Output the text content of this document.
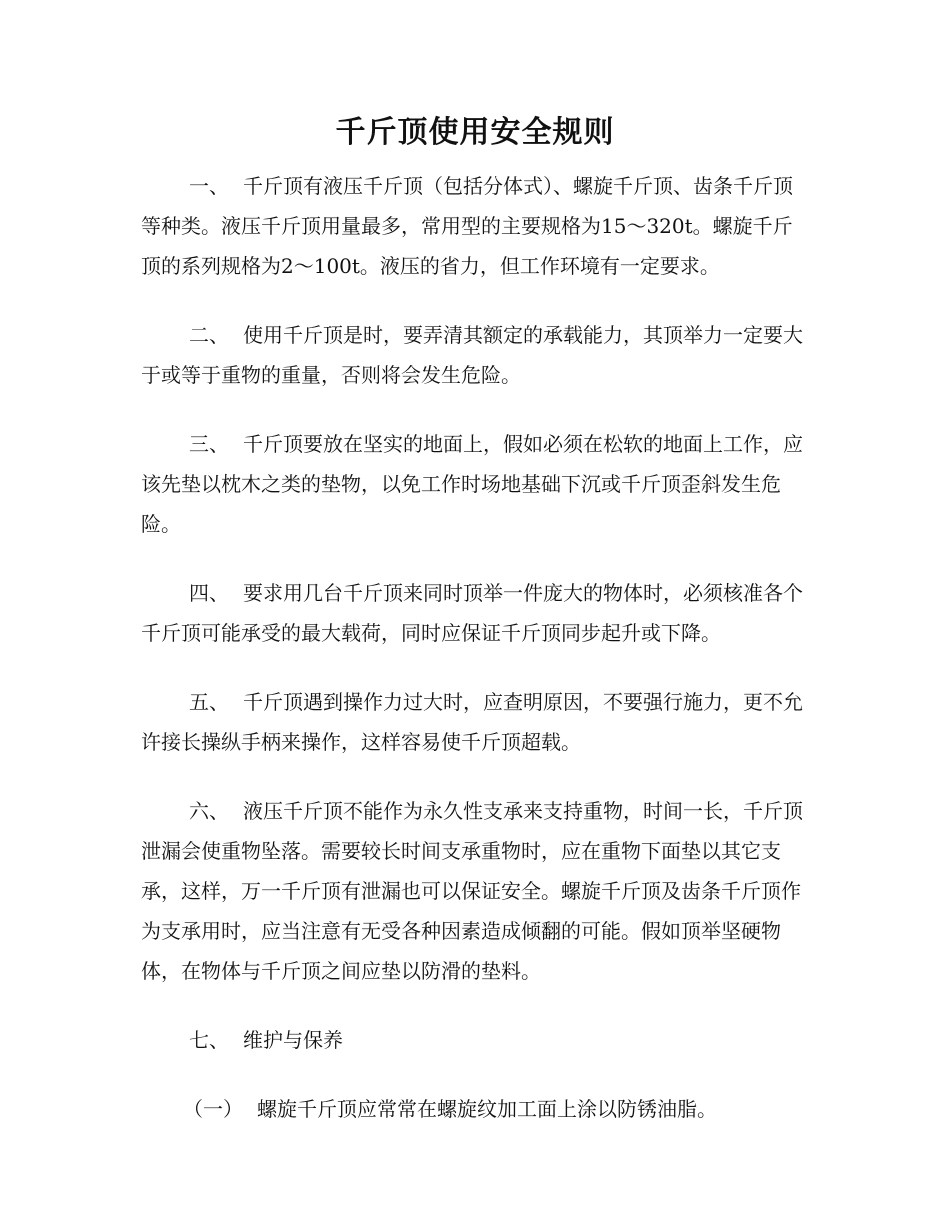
千斤顶使用安全规则

一、 千斤顶有液压千斤顶（包括分体式）、螺旋千斤顶、齿条千斤顶等种类。液压千斤顶用量最多，常用型的主要规格为15～320t。螺旋千斤顶的系列规格为2～100t。液压的省力，但工作环境有一定要求。

二、 使用千斤顶是时，要弄清其额定的承载能力，其顶举力一定要大于或等于重物的重量，否则将会发生危险。

三、 千斤顶要放在坚实的地面上，假如必须在松软的地面上工作，应该先垫以枕木之类的垫物，以免工作时场地基础下沉或千斤顶歪斜发生危险。

四、 要求用几台千斤顶来同时顶举一件庞大的物体时，必须核准各个千斤顶可能承受的最大载荷，同时应保证千斤顶同步起升或下降。

五、 千斤顶遇到操作力过大时，应查明原因，不要强行施力，更不允许接长操纵手柄来操作，这样容易使千斤顶超载。

六、 液压千斤顶不能作为永久性支承来支持重物，时间一长，千斤顶泄漏会使重物坠落。需要较长时间支承重物时，应在重物下面垫以其它支承，这样，万一千斤顶有泄漏也可以保证安全。螺旋千斤顶及齿条千斤顶作为支承用时，应当注意有无受各种因素造成倾翻的可能。假如顶举坚硬物体，在物体与千斤顶之间应垫以防滑的垫料。

七、 维护与保养

（一） 螺旋千斤顶应常常在螺旋纹加工面上涂以防锈油脂。
